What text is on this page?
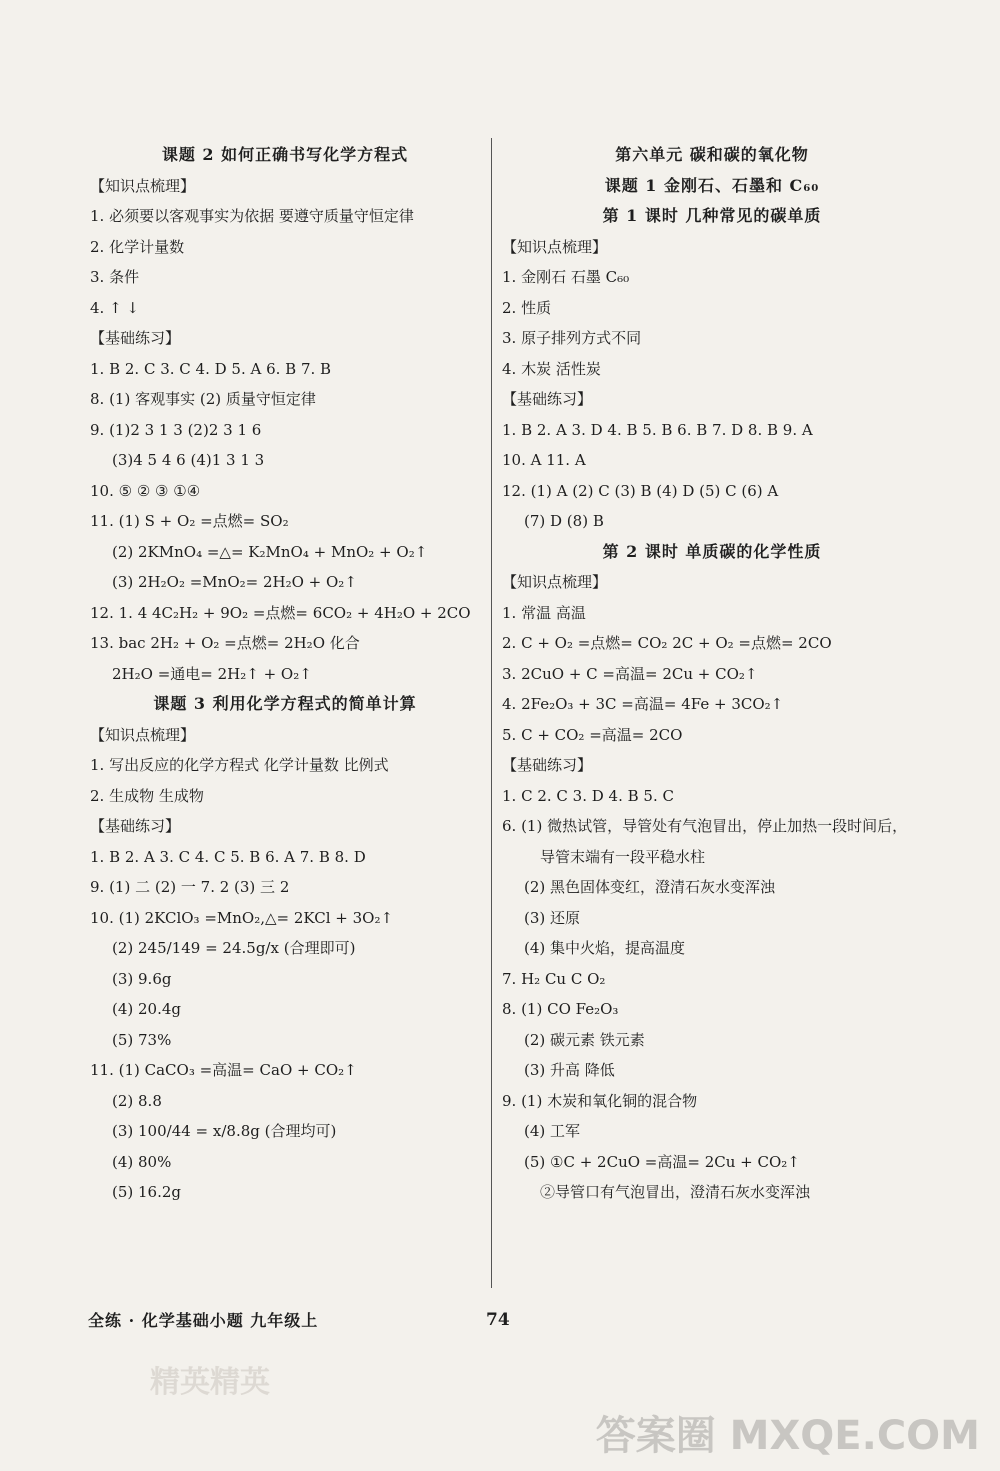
课题 2 如何正确书写化学方程式
【知识点梳理】
1. 必须要以客观事实为依据 要遵守质量守恒定律
2. 化学计量数
3. 条件
4. ↑ ↓
【基础练习】
1. B 2. C 3. C 4. D 5. A 6. B 7. B
8. (1) 客观事实 (2) 质量守恒定律
9. (1)2 3 1 3 (2)2 3 1 6
(3)4 5 4 6 (4)1 3 1 3
10. ⑤ ② ③ ①④
11. (1) S + O₂ =点燃= SO₂
(2) 2KMnO₄ =△= K₂MnO₄ + MnO₂ + O₂↑
(3) 2H₂O₂ =MnO₂= 2H₂O + O₂↑
12. 1. 4 4C₂H₂ + 9O₂ =点燃= 6CO₂ + 4H₂O + 2CO
13. bac 2H₂ + O₂ =点燃= 2H₂O 化合
2H₂O =通电= 2H₂↑ + O₂↑
课题 3 利用化学方程式的简单计算
【知识点梳理】
1. 写出反应的化学方程式 化学计量数 比例式
2. 生成物 生成物
【基础练习】
1. B 2. A 3. C 4. C 5. B 6. A 7. B 8. D
9. (1) 二 (2) 一 7. 2 (3) 三 2
10. (1) 2KClO₃ =MnO₂,△= 2KCl + 3O₂↑
(2) 245/149 = 24.5g/x (合理即可)
(3) 9.6g
(4) 20.4g
(5) 73%
11. (1) CaCO₃ =高温= CaO + CO₂↑
(2) 8.8
(3) 100/44 = x/8.8g (合理均可)
(4) 80%
(5) 16.2g
第六单元 碳和碳的氧化物
课题 1 金刚石、石墨和 C₆₀
第 1 课时 几种常见的碳单质
【知识点梳理】
1. 金刚石 石墨 C₆₀
2. 性质
3. 原子排列方式不同
4. 木炭 活性炭
【基础练习】
1. B 2. A 3. D 4. B 5. B 6. B 7. D 8. B 9. A
10. A 11. A
12. (1) A (2) C (3) B (4) D (5) C (6) A
(7) D (8) B
第 2 课时 单质碳的化学性质
【知识点梳理】
1. 常温 高温
2. C + O₂ =点燃= CO₂ 2C + O₂ =点燃= 2CO
3. 2CuO + C =高温= 2Cu + CO₂↑
4. 2Fe₂O₃ + 3C =高温= 4Fe + 3CO₂↑
5. C + CO₂ =高温= 2CO
【基础练习】
1. C 2. C 3. D 4. B 5. C
6. (1) 微热试管，导管处有气泡冒出，停止加热一段时间后，
导管末端有一段平稳水柱
(2) 黑色固体变红，澄清石灰水变浑浊
(3) 还原
(4) 集中火焰，提高温度
7. H₂ Cu C O₂
8. (1) CO Fe₂O₃
(2) 碳元素 铁元素
(3) 升高 降低
9. (1) 木炭和氧化铜的混合物
(4) 工军
(5) ①C + 2CuO =高温= 2Cu + CO₂↑
②导管口有气泡冒出，澄清石灰水变浑浊
全练 · 化学基础小题 九年级上	74
精英精英
答案圈 MXQE.COM
